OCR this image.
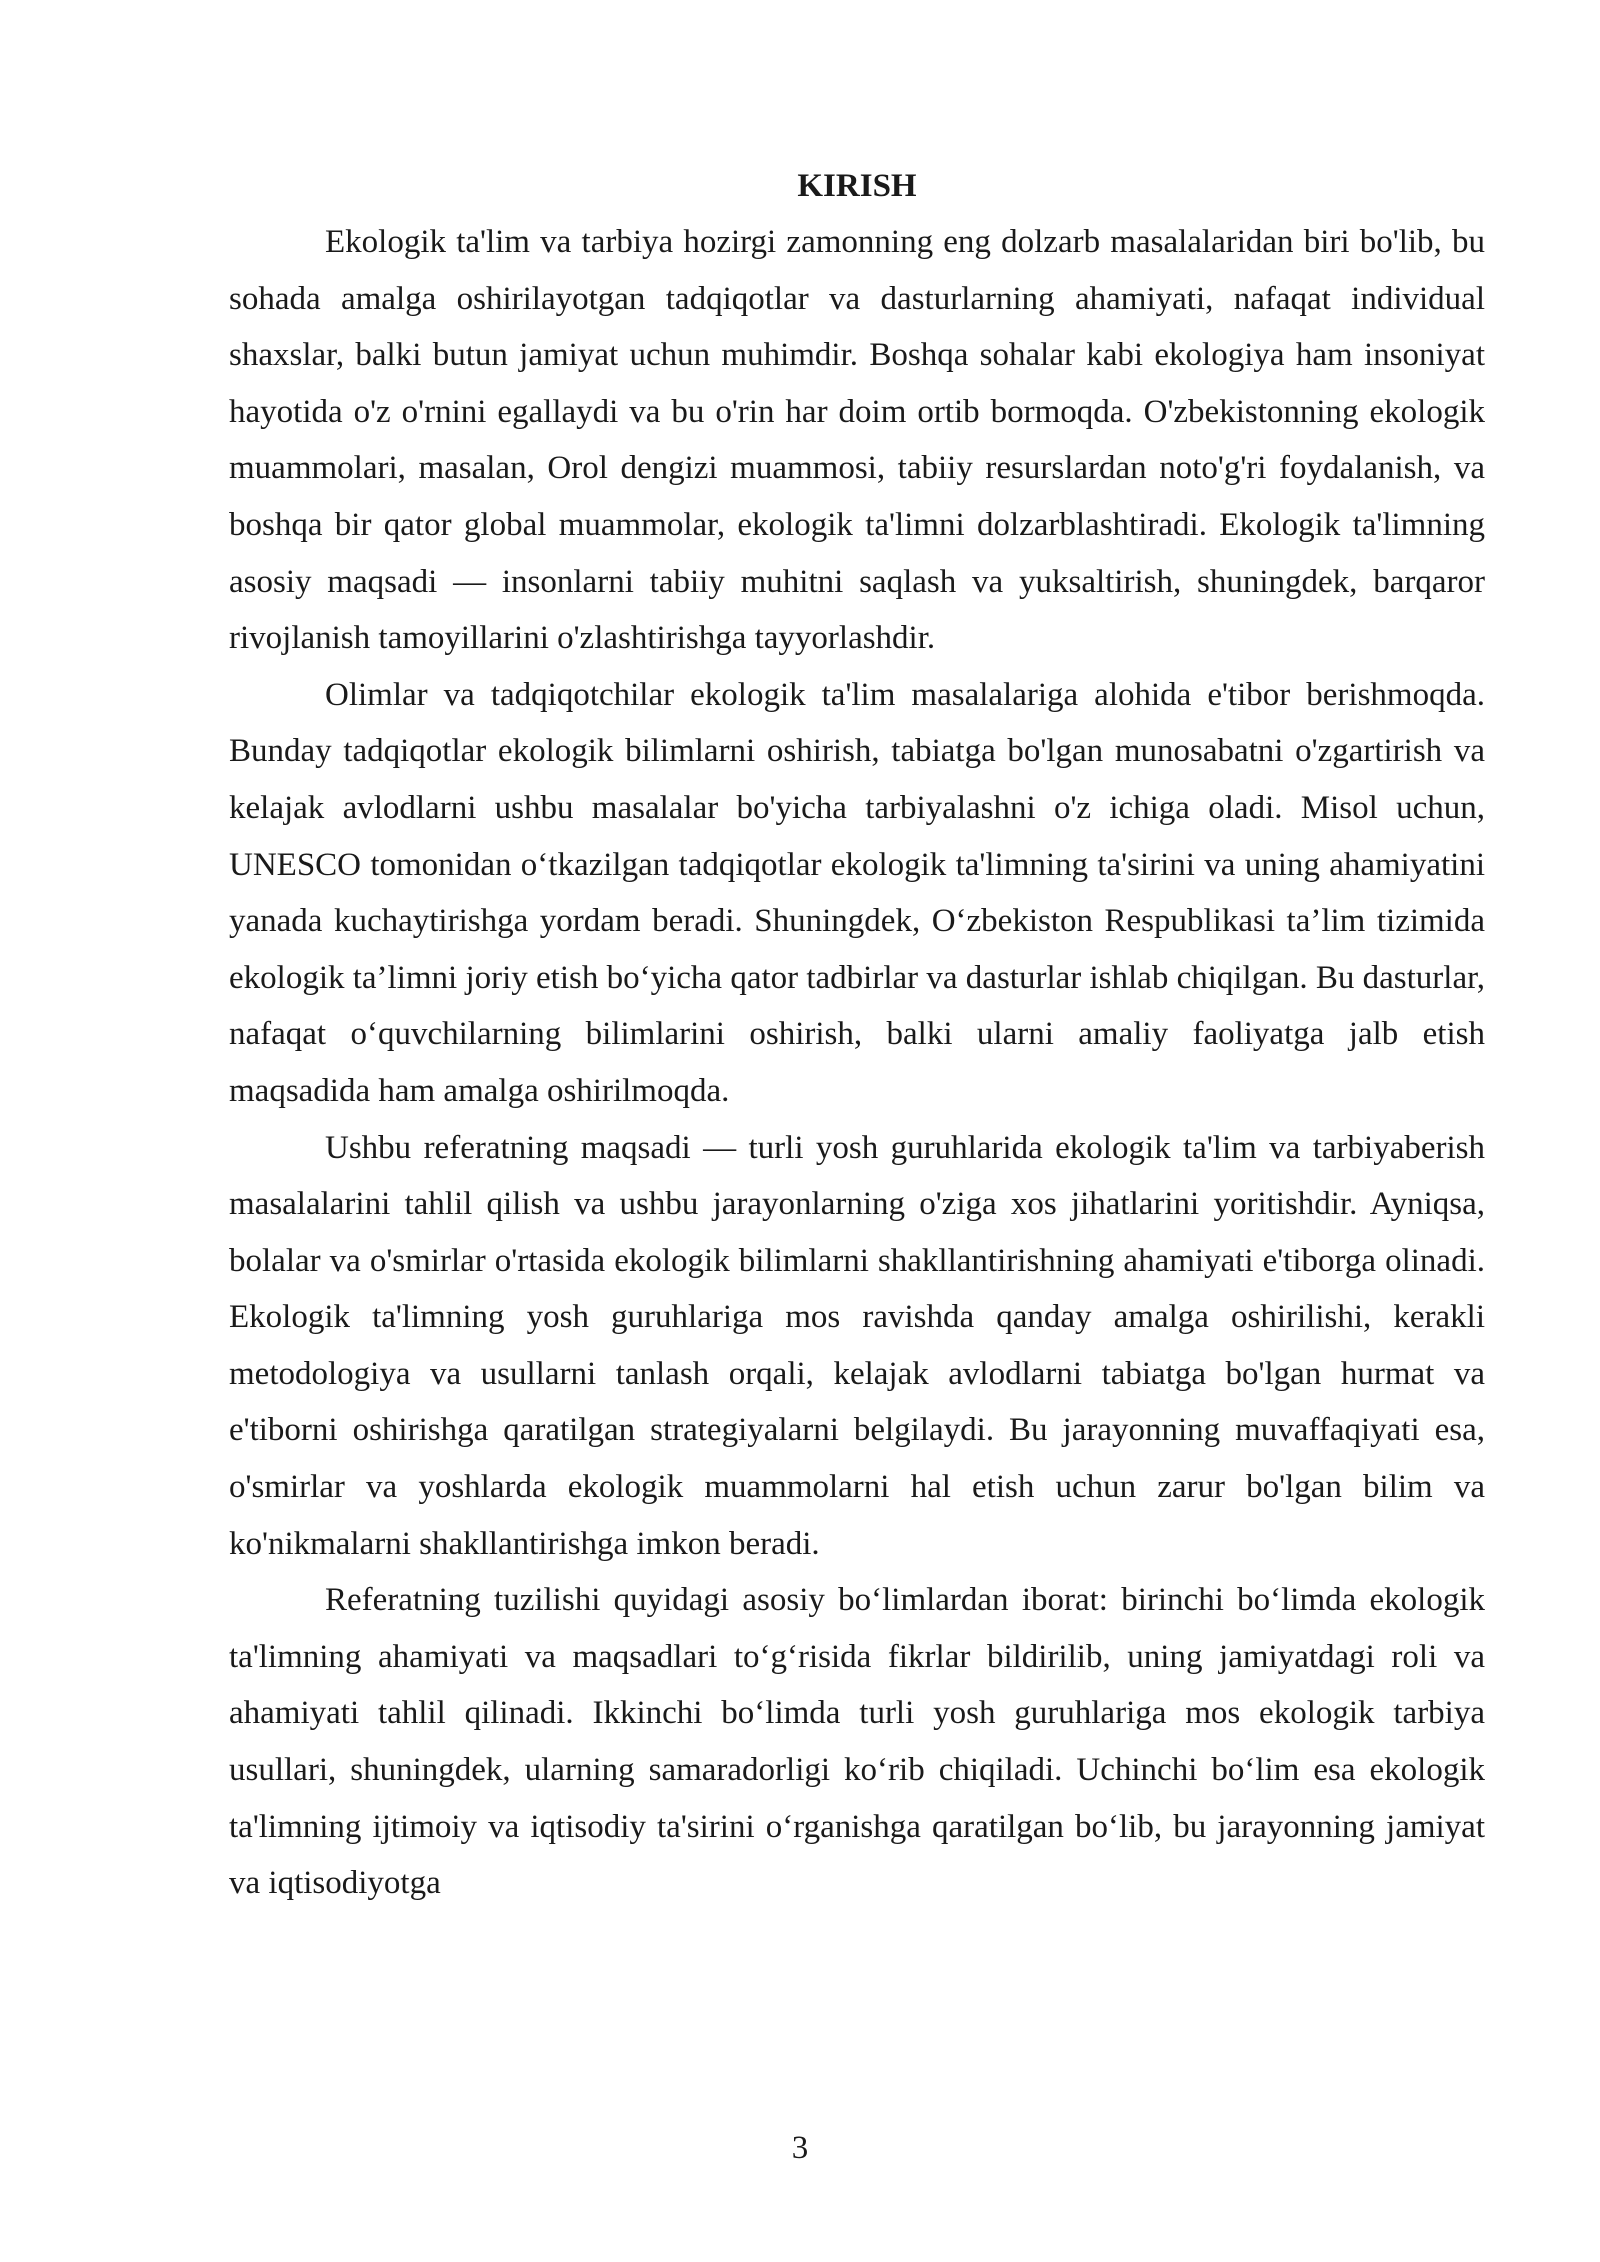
KIRISH

Ekologik ta'lim va tarbiya hozirgi zamonning eng dolzarb masalalaridan biri bo'lib, bu sohada amalga oshirilayotgan tadqiqotlar va dasturlarning ahamiyati, nafaqat individual shaxslar, balki butun jamiyat uchun muhimdir. Boshqa sohalar kabi ekologiya ham insoniyat hayotida o'z o'rnini egallaydi va bu o'rin har doim ortib bormoqda. O'zbekistonning ekologik muammolari, masalan, Orol dengizi muammosi, tabiiy resurslardan noto'g'ri foydalanish, va boshqa bir qator global muammolar, ekologik ta'limni dolzarblashtiradi. Ekologik ta'limning asosiy maqsadi — insonlarni tabiiy muhitni saqlash va yuksaltirish, shuningdek, barqaror rivojlanish tamoyillarini o'zlashtirishga tayyorlashdir.

Olimlar va tadqiqotchilar ekologik ta'lim masalalariga alohida e'tibor berishmoqda. Bunday tadqiqotlar ekologik bilimlarni oshirish, tabiatga bo'lgan munosabatni o'zgartirish va kelajak avlodlarni ushbu masalalar bo'yicha tarbiyalashni o'z ichiga oladi. Misol uchun, UNESCO tomonidan o‘tkazilgan tadqiqotlar ekologik ta'limning ta'sirini va uning ahamiyatini yanada kuchaytirishga yordam beradi. Shuningdek, O‘zbekiston Respublikasi ta’lim tizimida ekologik ta’limni joriy etish bo‘yicha qator tadbirlar va dasturlar ishlab chiqilgan. Bu dasturlar, nafaqat o‘quvchilarning bilimlarini oshirish, balki ularni amaliy faoliyatga jalb etish maqsadida ham amalga oshirilmoqda.

Ushbu referatning maqsadi — turli yosh guruhlarida ekologik ta'lim va tarbiyaberish masalalarini tahlil qilish va ushbu jarayonlarning o'ziga xos jihatlarini yoritishdir. Ayniqsa, bolalar va o'smirlar o'rtasida ekologik bilimlarni shakllantirishning ahamiyati e'tiborga olinadi. Ekologik ta'limning yosh guruhlariga mos ravishda qanday amalga oshirilishi, kerakli metodologiya va usullarni tanlash orqali, kelajak avlodlarni tabiatga bo'lgan hurmat va e'tiborni oshirishga qaratilgan strategiyalarni belgilaydi. Bu jarayonning muvaffaqiyati esa, o'smirlar va yoshlarda ekologik muammolarni hal etish uchun zarur bo'lgan bilim va ko'nikmalarni shakllantirishga imkon beradi.

Referatning tuzilishi quyidagi asosiy bo‘limlardan iborat: birinchi bo‘limda ekologik ta'limning ahamiyati va maqsadlari to‘g‘risida fikrlar bildirilib, uning jamiyatdagi roli va ahamiyati tahlil qilinadi. Ikkinchi bo‘limda turli yosh guruhlariga mos ekologik tarbiya usullari, shuningdek, ularning samaradorligi ko‘rib chiqiladi. Uchinchi bo‘lim esa ekologik ta'limning ijtimoiy va iqtisodiy ta'sirini o‘rganishga qaratilgan bo‘lib, bu jarayonning jamiyat va iqtisodiyotga

3
